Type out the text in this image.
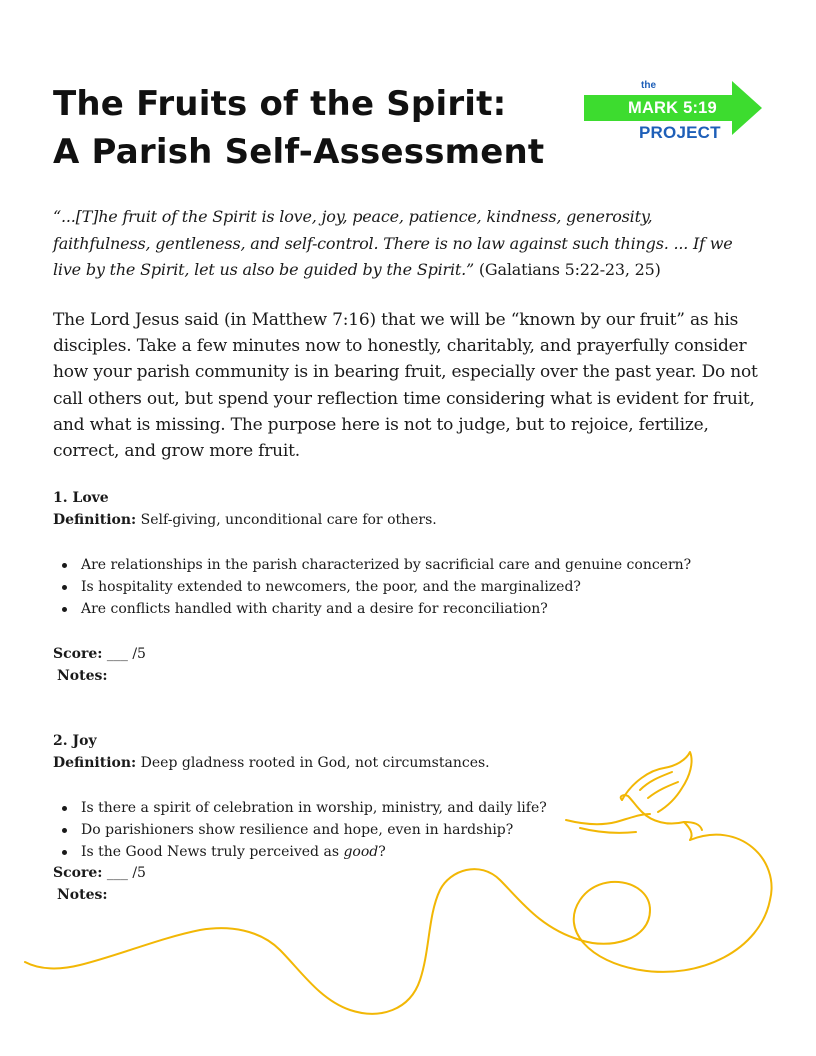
The Fruits of the Spirit:
A Parish Self-Assessment
the
MARK 5:19
PROJECT

“...[T]he fruit of the Spirit is love, joy, peace, patience, kindness, generosity, faithfulness, gentleness, and self-control. There is no law against such things. ... If we live by the Spirit, let us also be guided by the Spirit.” (Galatians 5:22-23, 25)

The Lord Jesus said (in Matthew 7:16) that we will be “known by our fruit” as his disciples. Take a few minutes now to honestly, charitably, and prayerfully consider how your parish community is in bearing fruit, especially over the past year. Do not call others out, but spend your reflection time considering what is evident for fruit, and what is missing. The purpose here is not to judge, but to rejoice, fertilize, correct, and grow more fruit.

1. Love
Definition: Self-giving, unconditional care for others.
Are relationships in the parish characterized by sacrificial care and genuine concern?
Is hospitality extended to newcomers, the poor, and the marginalized?
Are conflicts handled with charity and a desire for reconciliation?
Score: ___ /5
Notes:
2. Joy
Definition: Deep gladness rooted in God, not circumstances.
Is there a spirit of celebration in worship, ministry, and daily life?
Do parishioners show resilience and hope, even in hardship?
Is the Good News truly perceived as good?
Score: ___ /5
Notes:
